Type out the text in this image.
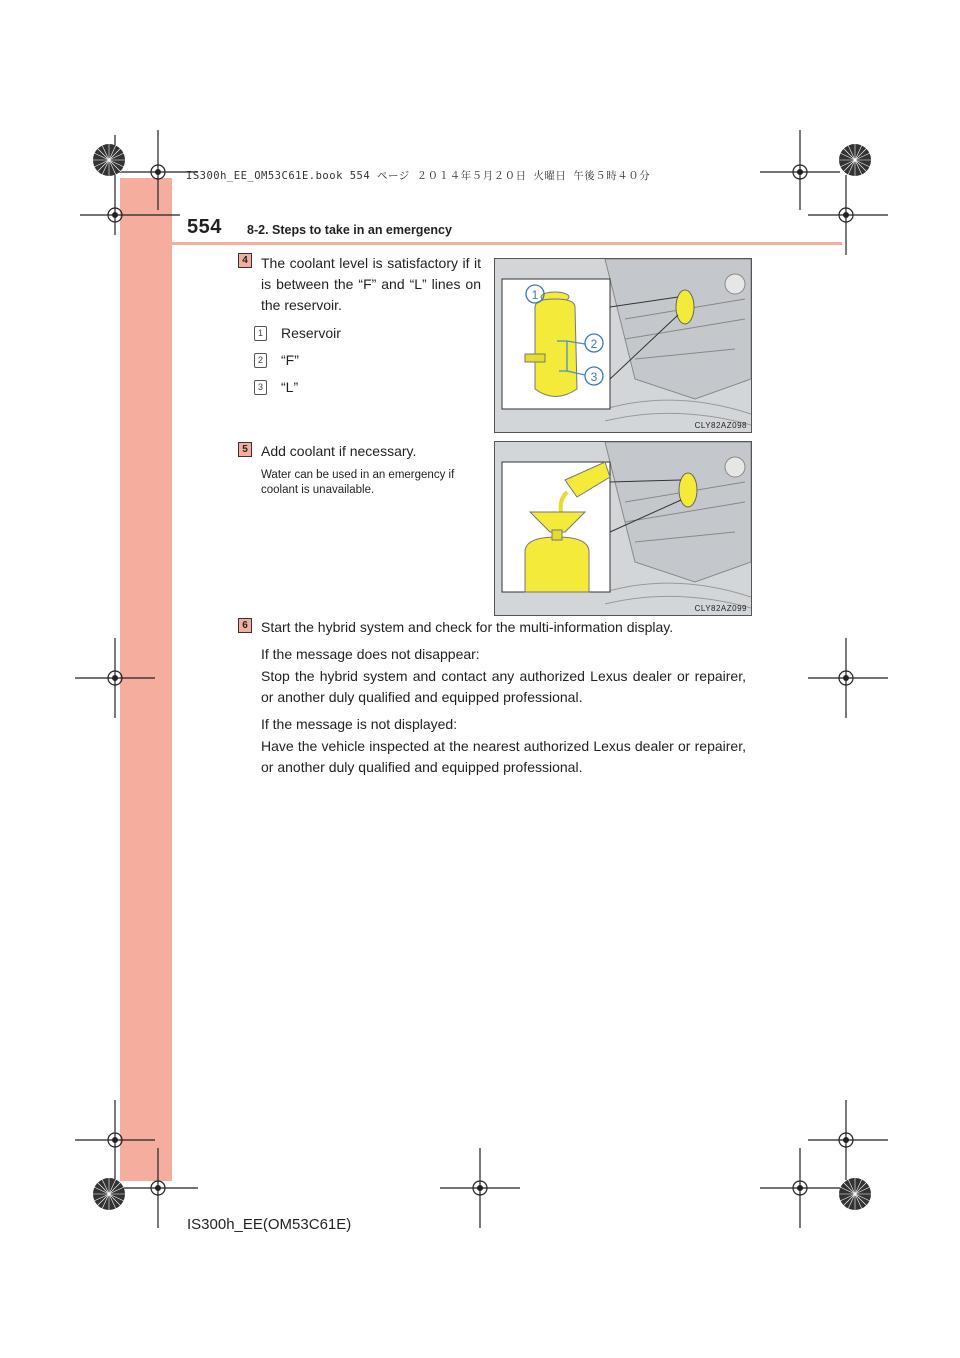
IS300h_EE_OM53C61E.book 554 ページ ２０１４年５月２０日 火曜日 午後５時４０分
554 8-2. Steps to take in an emergency
4 The coolant level is satisfactory if it is between the “F” and “L” lines on the reservoir.
1 Reservoir
2 “F”
3 “L”
1
2
3
CLY82AZ098
5 Add coolant if necessary.
Water can be used in an emergency if coolant is unavailable.
CLY82AZ099
6 Start the hybrid system and check for the multi-information display.
If the message does not disappear:
Stop the hybrid system and contact any authorized Lexus dealer or repairer, or another duly qualified and equipped professional.
If the message is not displayed:
Have the vehicle inspected at the nearest authorized Lexus dealer or repairer, or another duly qualified and equipped professional.
IS300h_EE(OM53C61E)
